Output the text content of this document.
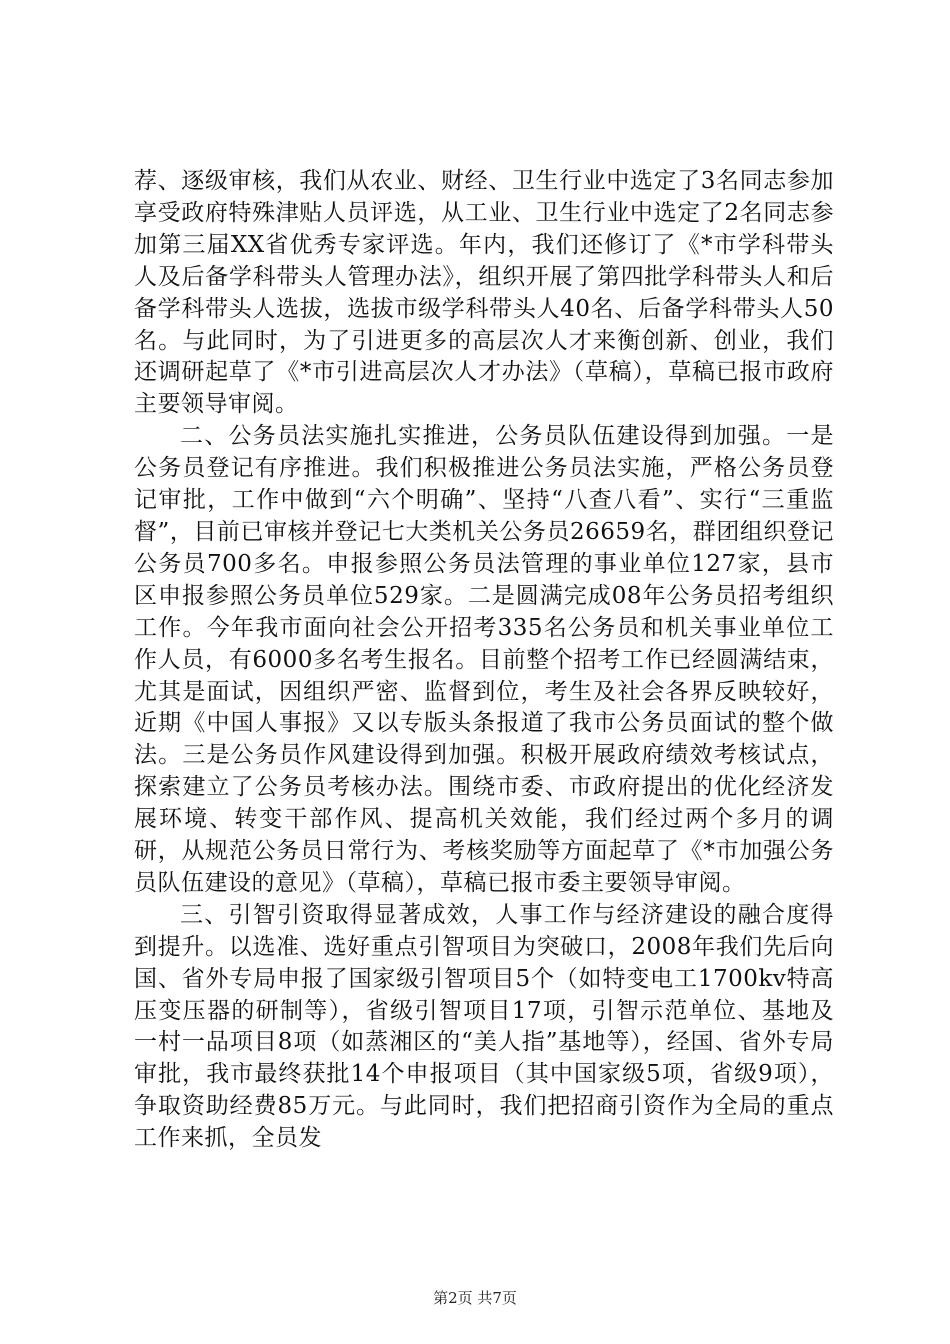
荐、逐级审核，我们从农业、财经、卫生行业中选定了3名同志参加享受政府特殊津贴人员评选，从工业、卫生行业中选定了2名同志参加第三届XX省优秀专家评选。年内，我们还修订了《*市学科带头人及后备学科带头人管理办法》，组织开展了第四批学科带头人和后备学科带头人选拔，选拔市级学科带头人40名、后备学科带头人50名。与此同时，为了引进更多的高层次人才来衡创新、创业，我们还调研起草了《*市引进高层次人才办法》（草稿），草稿已报市政府主要领导审阅。

二、公务员法实施扎实推进，公务员队伍建设得到加强。一是公务员登记有序推进。我们积极推进公务员法实施，严格公务员登记审批，工作中做到“六个明确”、坚持“八查八看”、实行“三重监督”，目前已审核并登记七大类机关公务员26659名，群团组织登记公务员700多名。申报参照公务员法管理的事业单位127家，县市区申报参照公务员单位529家。二是圆满完成08年公务员招考组织工作。今年我市面向社会公开招考335名公务员和机关事业单位工作人员，有6000多名考生报名。目前整个招考工作已经圆满结束，尤其是面试，因组织严密、监督到位，考生及社会各界反映较好，近期《中国人事报》又以专版头条报道了我市公务员面试的整个做法。三是公务员作风建设得到加强。积极开展政府绩效考核试点，探索建立了公务员考核办法。围绕市委、市政府提出的优化经济发展环境、转变干部作风、提高机关效能，我们经过两个多月的调研，从规范公务员日常行为、考核奖励等方面起草了《*市加强公务员队伍建设的意见》（草稿），草稿已报市委主要领导审阅。

三、引智引资取得显著成效，人事工作与经济建设的融合度得到提升。以选准、选好重点引智项目为突破口，2008年我们先后向国、省外专局申报了国家级引智项目5个（如特变电工1700kv特高压变压器的研制等），省级引智项目17项，引智示范单位、基地及一村一品项目8项（如蒸湘区的“美人指”基地等），经国、省外专局审批，我市最终获批14个申报项目（其中国家级5项，省级9项），争取资助经费85万元。与此同时，我们把招商引资作为全局的重点工作来抓，全员发

第2页 共7页
